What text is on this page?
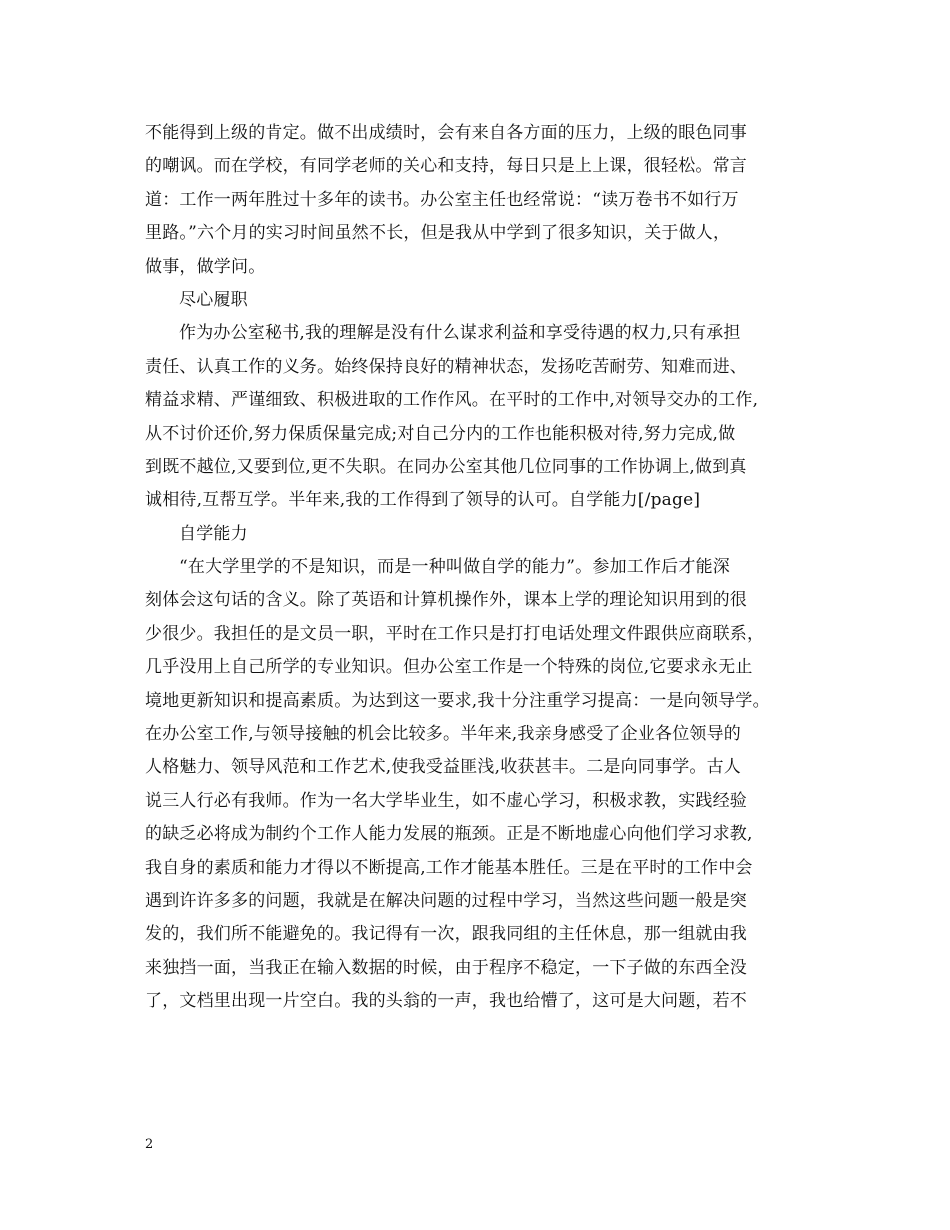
不能得到上级的肯定。做不出成绩时，会有来自各方面的压力，上级的眼色同事
的嘲讽。而在学校，有同学老师的关心和支持，每日只是上上课，很轻松。常言
道：工作一两年胜过十多年的读书。办公室主任也经常说：“读万卷书不如行万
里路。”六个月的实习时间虽然不长，但是我从中学到了很多知识，关于做人，
做事，做学问。
尽心履职
作为办公室秘书,我的理解是没有什么谋求利益和享受待遇的权力,只有承担
责任、认真工作的义务。始终保持良好的精神状态，发扬吃苦耐劳、知难而进、
精益求精、严谨细致、积极进取的工作作风。在平时的工作中,对领导交办的工作,
从不讨价还价,努力保质保量完成;对自己分内的工作也能积极对待,努力完成,做
到既不越位,又要到位,更不失职。在同办公室其他几位同事的工作协调上,做到真
诚相待,互帮互学。半年来,我的工作得到了领导的认可。自学能力[/page]
自学能力
“在大学里学的不是知识，而是一种叫做自学的能力”。参加工作后才能深
刻体会这句话的含义。除了英语和计算机操作外，课本上学的理论知识用到的很
少很少。我担任的是文员一职，平时在工作只是打打电话处理文件跟供应商联系，
几乎没用上自己所学的专业知识。但办公室工作是一个特殊的岗位,它要求永无止
境地更新知识和提高素质。为达到这一要求,我十分注重学习提高：一是向领导学。
在办公室工作,与领导接触的机会比较多。半年来,我亲身感受了企业各位领导的
人格魅力、领导风范和工作艺术,使我受益匪浅,收获甚丰。二是向同事学。古人
说三人行必有我师。作为一名大学毕业生，如不虚心学习，积极求教，实践经验
的缺乏必将成为制约个工作人能力发展的瓶颈。正是不断地虚心向他们学习求教,
我自身的素质和能力才得以不断提高,工作才能基本胜任。三是在平时的工作中会
遇到许许多多的问题，我就是在解决问题的过程中学习，当然这些问题一般是突
发的，我们所不能避免的。我记得有一次，跟我同组的主任休息，那一组就由我
来独挡一面，当我正在输入数据的时候，由于程序不稳定，一下子做的东西全没
了，文档里出现一片空白。我的头翁的一声，我也给懵了，这可是大问题，若不
2
